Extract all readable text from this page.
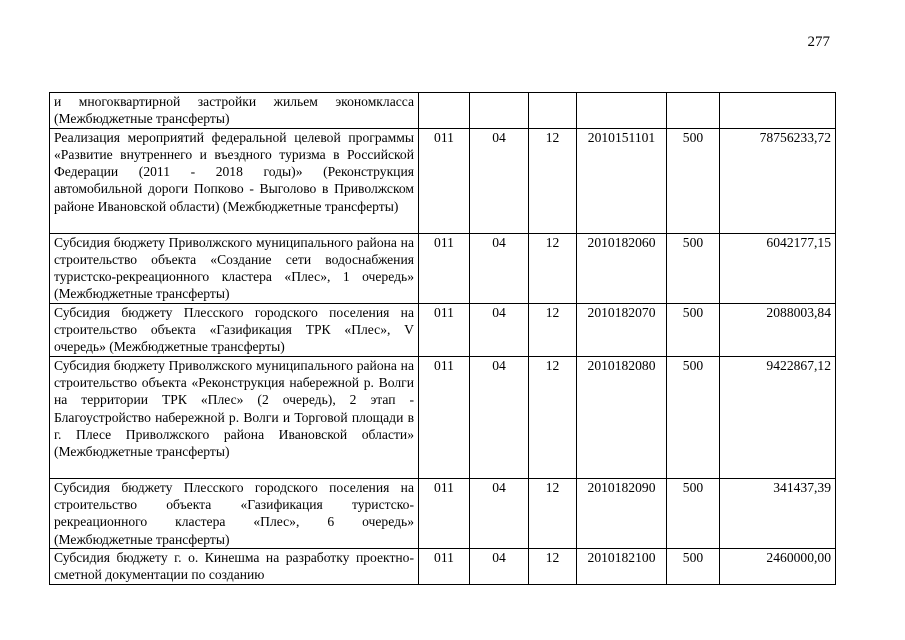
277
и многоквартирной застройки жильем экономкласса (Межбюджетные трансферты)						
Реализация мероприятий федеральной целевой программы «Развитие внутреннего и въездного туризма в Российской Федерации (2011 - 2018 годы)» (Реконструкция автомобильной дороги Попково - Выголово в Приволжском районе Ивановской области) (Межбюджетные трансферты)	011	04	12	2010151101	500	78756233,72
Субсидия бюджету Приволжского муниципального района на строительство объекта «Создание сети водоснабжения туристско-рекреационного кластера «Плес», 1 очередь» (Межбюджетные трансферты)	011	04	12	2010182060	500	6042177,15
Субсидия бюджету Плесского городского поселения на строительство объекта «Газификация ТРК «Плес», V очередь» (Межбюджетные трансферты)	011	04	12	2010182070	500	2088003,84
Субсидия бюджету Приволжского муниципального района на строительство объекта «Реконструкция набережной р. Волги на территории ТРК «Плес» (2 очередь), 2 этап - Благоустройство набережной р. Волги и Торговой площади в г. Плесе Приволжского района Ивановской области» (Межбюджетные трансферты)	011	04	12	2010182080	500	9422867,12
Субсидия бюджету Плесского городского поселения на строительство объекта «Газификация туристско-рекреационного кластера «Плес», 6 очередь» (Межбюджетные трансферты)	011	04	12	2010182090	500	341437,39
Субсидия бюджету г. о. Кинешма на разработку проектно-сметной документации по созданию	011	04	12	2010182100	500	2460000,00
